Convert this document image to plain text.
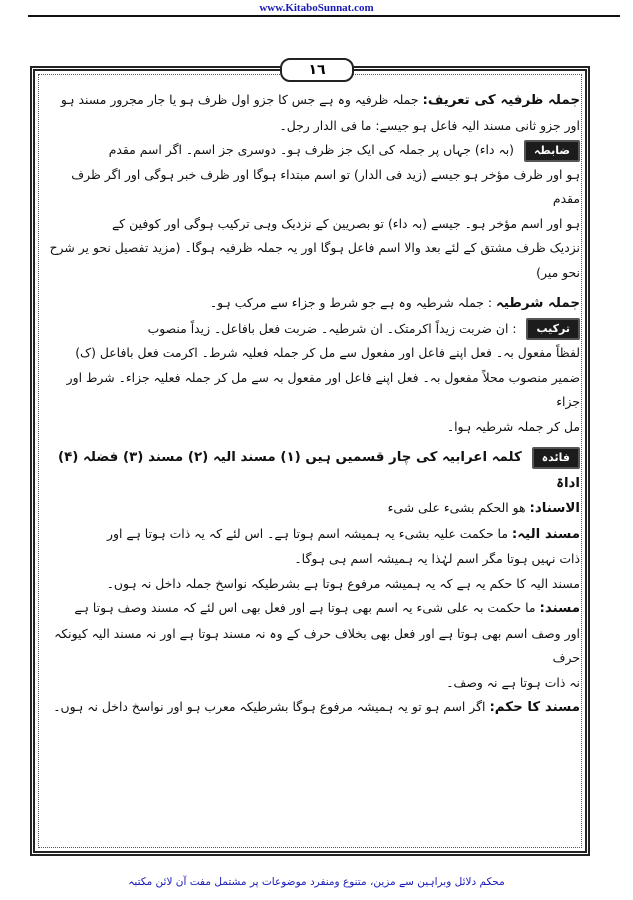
www.KitaboSunnat.com
١٦

جملہ ظرفیہ کی تعریف: جملہ ظرفیہ وہ ہے جس کا جزو اول ظرف ہو یا جار مجرور مسند ہو

اور جزو ثانی مسند الیہ فاعل ہو جیسے: ما فی الدار رجل۔

ضابطہ (بہ داء) جہاں پر جملہ کی ایک جز ظرف ہو۔ دوسری جز اسم۔ اگر اسم مقدم

ہو اور ظرف مؤخر ہو جیسے (زید فی الدار) تو اسم مبتداء ہوگا اور ظرف خبر ہوگی اور اگر ظرف مقدم

ہو اور اسم مؤخر ہو۔ جیسے (بہ داء) تو بصریین کے نزدیک وہی ترکیب ہوگی اور کوفین کے

نزدیک ظرف مشتق کے لئے بعد والا اسم فاعل ہوگا اور یہ جملہ ظرفیہ ہوگا۔ (مزید تفصیل نحو یر شرح

نحو میر)

جملہ شرطیہ : جملہ شرطیہ وہ ہے جو شرط و جزاء سے مرکب ہو۔

ترکیب : ان ضربت زیداً اکرمتک۔ ان شرطیہ۔ ضربت فعل بافاعل۔ زیداً منصوب

لفظاً مفعول بہ۔ فعل اپنے فاعل اور مفعول سے مل کر جملہ فعلیہ شرط۔ اکرمت فعل بافاعل (ک)

ضمیر منصوب محلاً مفعول بہ۔ فعل اپنے فاعل اور مفعول بہ سے مل کر جملہ فعلیہ جزاء۔ شرط اور جزاء

مل کر جملہ شرطیہ ہوا۔

فائدہ کلمہ اعرابیہ کی چار قسمیں ہیں (۱) مسند الیہ (۲) مسند (۳) فضلہ (۴) اداۃ

الاسناد: ھو الحکم بشیء علی شیء

مسند الیہ: ما حکمت علیہ بشیء یہ ہمیشہ اسم ہوتا ہے۔ اس لئے کہ یہ ذات ہوتا ہے اور

ذات نہیں ہوتا مگر اسم لہٰذا یہ ہمیشہ اسم ہی ہوگا۔

مسند الیہ کا حکم یہ ہے کہ یہ ہمیشہ مرفوع ہوتا ہے بشرطیکہ نواسخ جملہ داخل نہ ہوں۔

مسند: ما حکمت بہ علی شیء یہ اسم بھی ہوتا ہے اور فعل بھی اس لئے کہ مسند وصف ہوتا ہے

اور وصف اسم بھی ہوتا ہے اور فعل بھی بخلاف حرف کے وہ نہ مسند ہوتا ہے اور نہ مسند الیہ کیونکہ حرف

نہ ذات ہوتا ہے نہ وصف۔

مسند کا حکم: اگر اسم ہو تو یہ ہمیشہ مرفوع ہوگا بشرطیکہ معرب ہو اور نواسخ داخل نہ ہوں۔

محکم دلائل وبراہین سے مزین، متنوع ومنفرد موضوعات پر مشتمل مفت آن لائن مکتبہ
